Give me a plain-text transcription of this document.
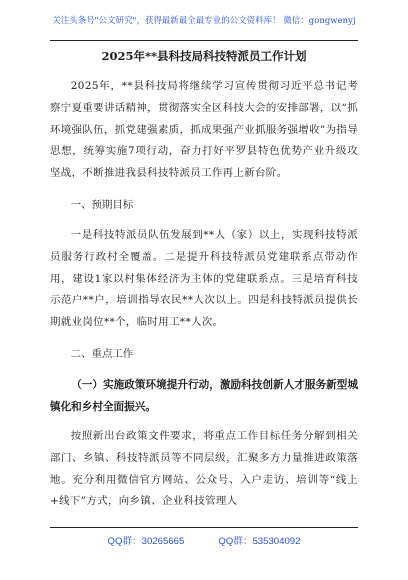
关注头条号"公文研究"，获得最新最全最专业的公文资料库！ 微信：gongwenyj
2025年**县科技局科技特派员工作计划

2025年，**县科技局将继续学习宣传贯彻习近平总书记考察宁夏重要讲话精神，贯彻落实全区科技大会的安排部署，以“抓环境强队伍，抓党建强素质，抓成果强产业抓服务强增收”为指导思想，统筹实施7项行动，奋力打好平罗县特色优势产业升级攻坚战，不断推进我县科技特派员工作再上新台阶。

一、预期目标

一是科技特派员队伍发展到**人（家）以上，实现科技特派员服务行政村全覆盖。二是提升科技特派员党建联系点带动作用，建设1家以村集体经济为主体的党建联系点。三是培育科技示范户**户，培训指导农民**人次以上。四是科技特派员提供长期就业岗位**个，临时用工**人次。

二、重点工作

（一）实施政策环境提升行动，激励科技创新人才服务新型城镇化和乡村全面振兴。

按照新出台政策文件要求，将重点工作目标任务分解到相关部门、乡镇、科技特派员等不同层级，汇聚多方力量推进政策落地。充分利用微信官方网站、公众号、入户走访、培训等“线上+线下”方式，向乡镇、企业科技管理人

QQ群：30265665	QQ群：535304092
